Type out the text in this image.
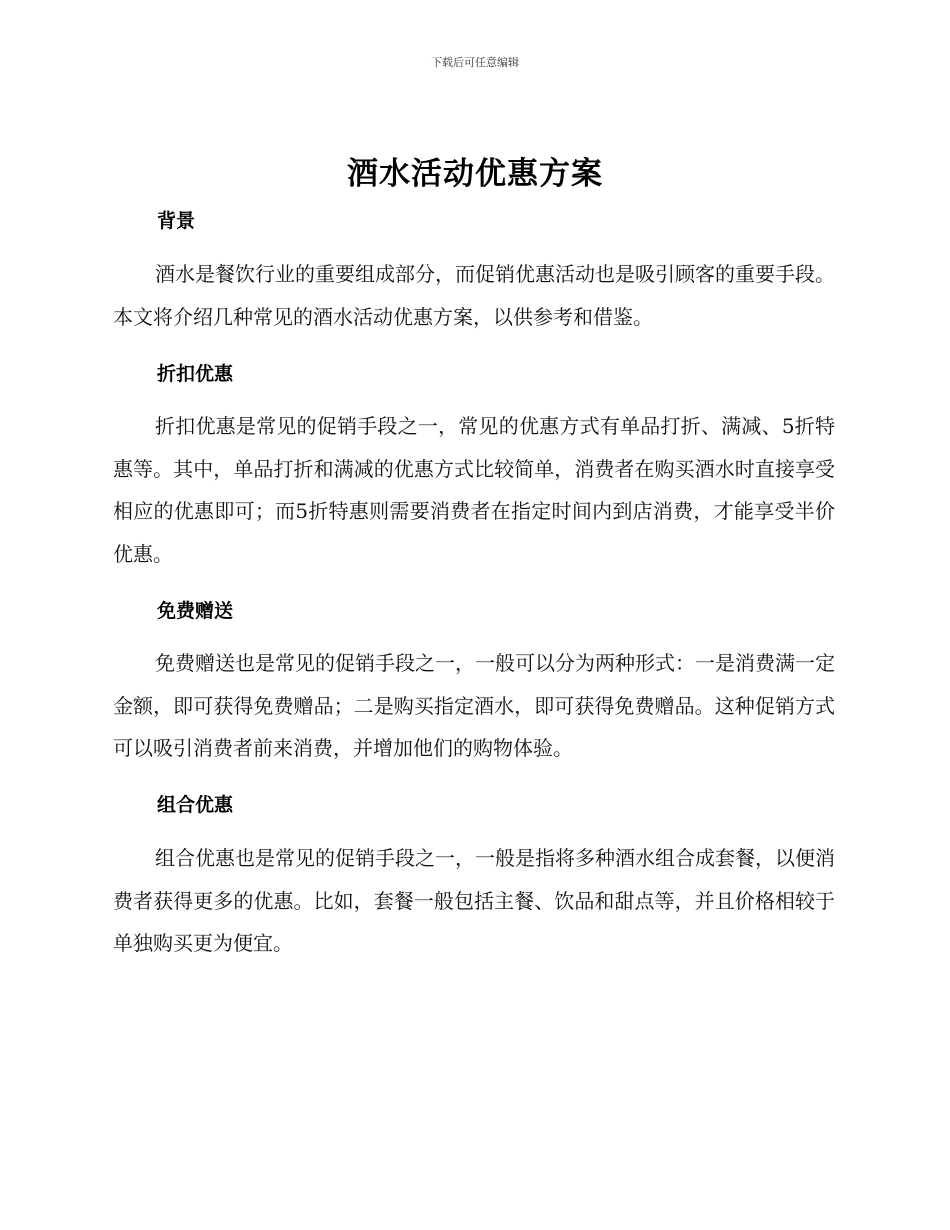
下载后可任意编辑
酒水活动优惠方案
背景

酒水是餐饮行业的重要组成部分，而促销优惠活动也是吸引顾客的重要手段。本文将介绍几种常见的酒水活动优惠方案，以供参考和借鉴。

折扣优惠

折扣优惠是常见的促销手段之一，常见的优惠方式有单品打折、满减、5折特惠等。其中，单品打折和满减的优惠方式比较简单，消费者在购买酒水时直接享受相应的优惠即可；而5折特惠则需要消费者在指定时间内到店消费，才能享受半价优惠。

免费赠送

免费赠送也是常见的促销手段之一，一般可以分为两种形式：一是消费满一定金额，即可获得免费赠品；二是购买指定酒水，即可获得免费赠品。这种促销方式可以吸引消费者前来消费，并增加他们的购物体验。

组合优惠

组合优惠也是常见的促销手段之一，一般是指将多种酒水组合成套餐，以便消费者获得更多的优惠。比如，套餐一般包括主餐、饮品和甜点等，并且价格相较于单独购买更为便宜。
